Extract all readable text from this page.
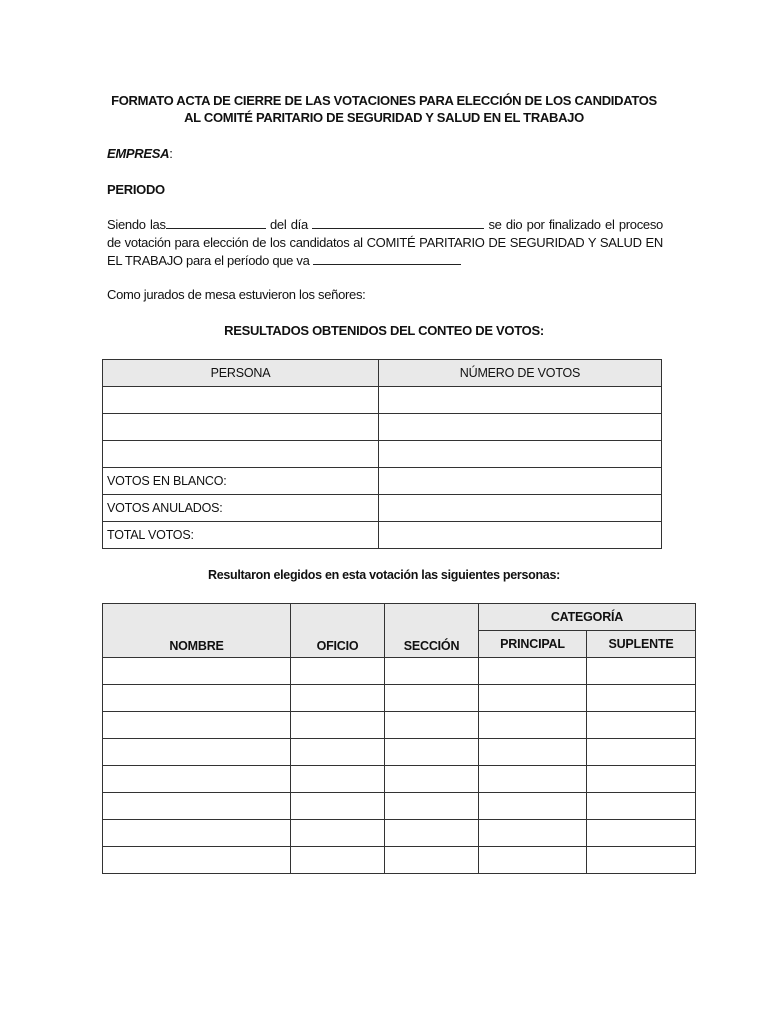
FORMATO ACTA DE CIERRE DE LAS VOTACIONES PARA ELECCIÓN DE LOS CANDIDATOS
AL COMITÉ PARITARIO DE SEGURIDAD Y SALUD EN EL TRABAJO
EMPRESA:
PERIODO
Siendo las	del día	se dio por finalizado el proceso de votación para elección de los candidatos al COMITÉ PARITARIO DE SEGURIDAD Y SALUD EN EL TRABAJO para el período que va
Como jurados de mesa estuvieron los señores:
RESULTADOS OBTENIDOS DEL CONTEO DE VOTOS:
PERSONA	NÚMERO DE VOTOS

VOTOS EN BLANCO:	
VOTOS ANULADOS:	
TOTAL VOTOS:	
Resultaron elegidos en esta votación las siguientes personas:
NOMBRE	OFICIO	SECCIÓN	CATEGORÍA	
			PRINCIPAL	SUPLENTE
